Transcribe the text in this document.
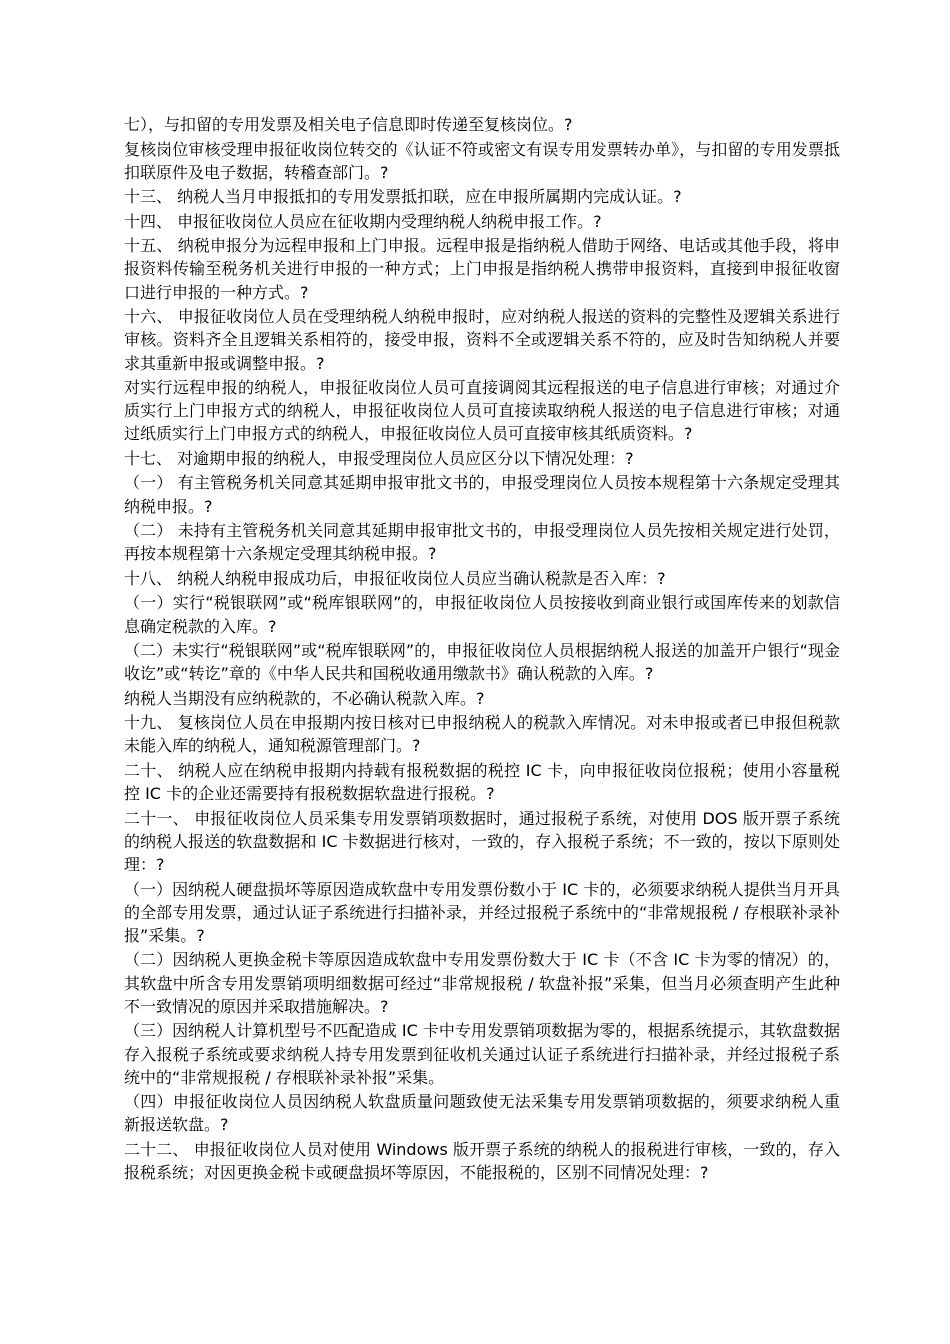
七），与扣留的专用发票及相关电子信息即时传递至复核岗位。?

复核岗位审核受理申报征收岗位转交的《认证不符或密文有误专用发票转办单》，与扣留的专用发票抵扣联原件及电子数据，转稽查部门。?

十三、 纳税人当月申报抵扣的专用发票抵扣联，应在申报所属期内完成认证。?

十四、 申报征收岗位人员应在征收期内受理纳税人纳税申报工作。?

十五、 纳税申报分为远程申报和上门申报。远程申报是指纳税人借助于网络、电话或其他手段，将申报资料传输至税务机关进行申报的一种方式；上门申报是指纳税人携带申报资料，直接到申报征收窗口进行申报的一种方式。?

十六、 申报征收岗位人员在受理纳税人纳税申报时，应对纳税人报送的资料的完整性及逻辑关系进行审核。资料齐全且逻辑关系相符的，接受申报，资料不全或逻辑关系不符的，应及时告知纳税人并要求其重新申报或调整申报。?

对实行远程申报的纳税人，申报征收岗位人员可直接调阅其远程报送的电子信息进行审核；对通过介质实行上门申报方式的纳税人，申报征收岗位人员可直接读取纳税人报送的电子信息进行审核；对通过纸质实行上门申报方式的纳税人，申报征收岗位人员可直接审核其纸质资料。?

十七、 对逾期申报的纳税人，申报受理岗位人员应区分以下情况处理：?

（一） 有主管税务机关同意其延期申报审批文书的，申报受理岗位人员按本规程第十六条规定受理其纳税申报。?

（二） 未持有主管税务机关同意其延期申报审批文书的，申报受理岗位人员先按相关规定进行处罚，再按本规程第十六条规定受理其纳税申报。?

十八、 纳税人纳税申报成功后，申报征收岗位人员应当确认税款是否入库：?

（一）实行“税银联网”或“税库银联网”的，申报征收岗位人员按接收到商业银行或国库传来的划款信息确定税款的入库。?

（二）未实行“税银联网”或“税库银联网”的，申报征收岗位人员根据纳税人报送的加盖开户银行“现金收讫”或“转讫”章的《中华人民共和国税收通用缴款书》确认税款的入库。?

纳税人当期没有应纳税款的，不必确认税款入库。?

十九、 复核岗位人员在申报期内按日核对已申报纳税人的税款入库情况。对未申报或者已申报但税款未能入库的纳税人，通知税源管理部门。?

二十、 纳税人应在纳税申报期内持载有报税数据的税控 IC 卡，向申报征收岗位报税；使用小容量税控 IC 卡的企业还需要持有报税数据软盘进行报税。?

二十一、 申报征收岗位人员采集专用发票销项数据时，通过报税子系统，对使用 DOS 版开票子系统的纳税人报送的软盘数据和 IC 卡数据进行核对，一致的，存入报税子系统；不一致的，按以下原则处理：?

（一）因纳税人硬盘损坏等原因造成软盘中专用发票份数小于 IC 卡的，必须要求纳税人提供当月开具的全部专用发票，通过认证子系统进行扫描补录，并经过报税子系统中的“非常规报税 / 存根联补录补报”采集。?

（二）因纳税人更换金税卡等原因造成软盘中专用发票份数大于 IC 卡（不含 IC 卡为零的情况）的，其软盘中所含专用发票销项明细数据可经过“非常规报税 / 软盘补报”采集，但当月必须查明产生此种不一致情况的原因并采取措施解决。?

（三）因纳税人计算机型号不匹配造成 IC 卡中专用发票销项数据为零的，根据系统提示，其软盘数据存入报税子系统或要求纳税人持专用发票到征收机关通过认证子系统进行扫描补录，并经过报税子系统中的“非常规报税 / 存根联补录补报”采集。

（四）申报征收岗位人员因纳税人软盘质量问题致使无法采集专用发票销项数据的，须要求纳税人重新报送软盘。?

二十二、 申报征收岗位人员对使用 Windows 版开票子系统的纳税人的报税进行审核，一致的，存入报税系统；对因更换金税卡或硬盘损坏等原因，不能报税的，区别不同情况处理：?
